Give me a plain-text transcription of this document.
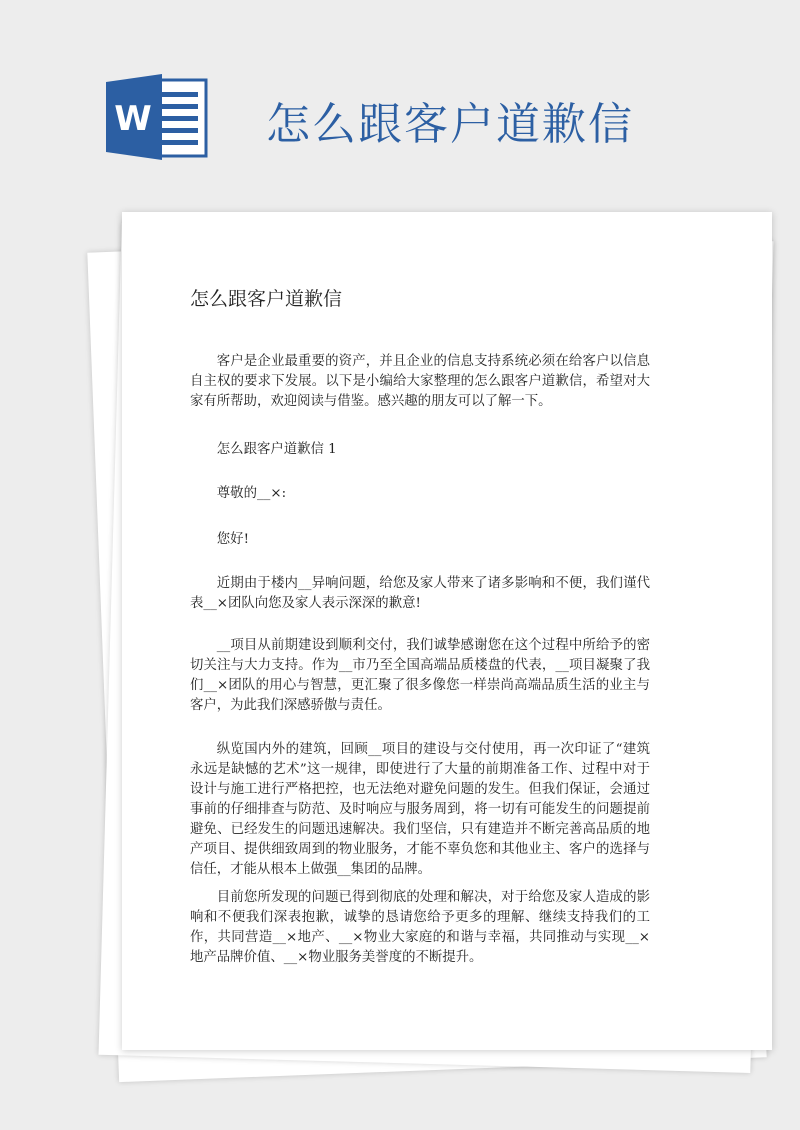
W	怎么跟客户道歉信
怎么跟客户道歉信
客户是企业最重要的资产，并且企业的信息支持系统必须在给客户以信息自主权的要求下发展。以下是小编给大家整理的怎么跟客户道歉信，希望对大家有所帮助，欢迎阅读与借鉴。感兴趣的朋友可以了解一下。
怎么跟客户道歉信 1
尊敬的__×:
您好!
近期由于楼内__异响问题，给您及家人带来了诸多影响和不便，我们谨代表__×团队向您及家人表示深深的歉意!
__项目从前期建设到顺利交付，我们诚挚感谢您在这个过程中所给予的密切关注与大力支持。作为__市乃至全国高端品质楼盘的代表，__项目凝聚了我们__×团队的用心与智慧，更汇聚了很多像您一样崇尚高端品质生活的业主与客户，为此我们深感骄傲与责任。
纵览国内外的建筑，回顾__项目的建设与交付使用，再一次印证了“建筑永远是缺憾的艺术”这一规律，即使进行了大量的前期准备工作、过程中对于设计与施工进行严格把控，也无法绝对避免问题的发生。但我们保证，会通过事前的仔细排查与防范、及时响应与服务周到，将一切有可能发生的问题提前避免、已经发生的问题迅速解决。我们坚信，只有建造并不断完善高品质的地产项目、提供细致周到的物业服务，才能不辜负您和其他业主、客户的选择与信任，才能从根本上做强__集团的品牌。
目前您所发现的问题已得到彻底的处理和解决，对于给您及家人造成的影响和不便我们深表抱歉，诚挚的恳请您给予更多的理解、继续支持我们的工作，共同营造__×地产、__×物业大家庭的和谐与幸福，共同推动与实现__×地产品牌价值、__×物业服务美誉度的不断提升。
